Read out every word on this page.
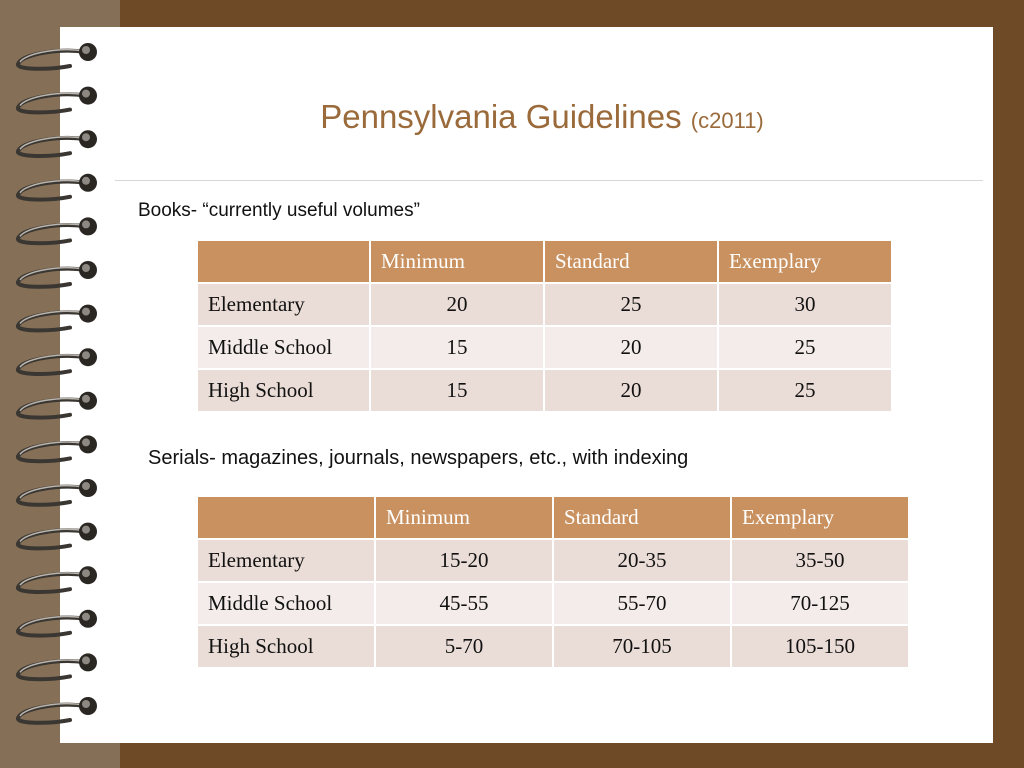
Pennsylvania Guidelines (c2011)
Books- “currently useful volumes”
	Minimum	Standard	Exemplary
Elementary	20	25	30
Middle School	15	20	25
High School	15	20	25
Serials- magazines, journals, newspapers, etc., with indexing
	Minimum	Standard	Exemplary
Elementary	15-20	20-35	35-50
Middle School	45-55	55-70	70-125
High School	5-70	70-105	105-150
